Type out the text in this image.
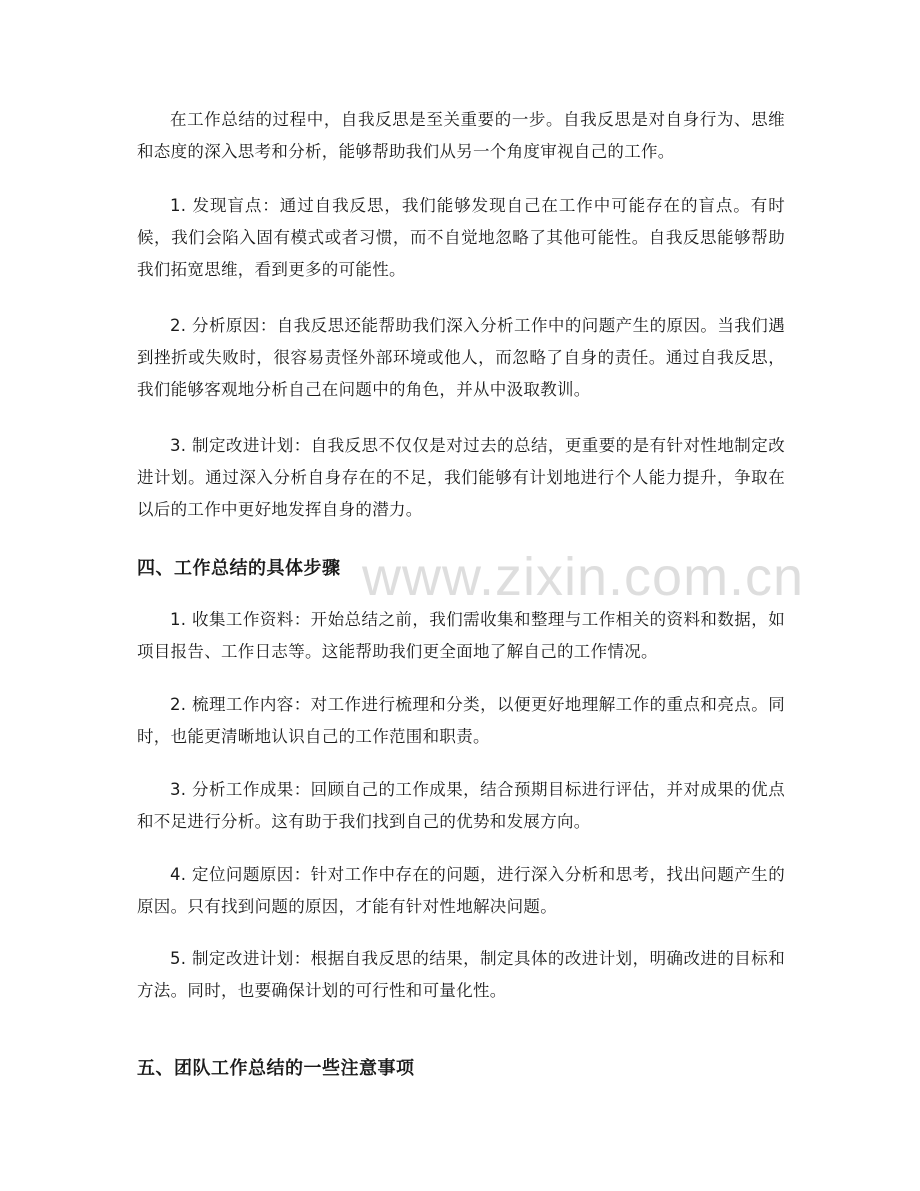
在工作总结的过程中，自我反思是至关重要的一步。自我反思是对自身行为、思维和态度的深入思考和分析，能够帮助我们从另一个角度审视自己的工作。

1. 发现盲点：通过自我反思，我们能够发现自己在工作中可能存在的盲点。有时候，我们会陷入固有模式或者习惯，而不自觉地忽略了其他可能性。自我反思能够帮助我们拓宽思维，看到更多的可能性。

2. 分析原因：自我反思还能帮助我们深入分析工作中的问题产生的原因。当我们遇到挫折或失败时，很容易责怪外部环境或他人，而忽略了自身的责任。通过自我反思，我们能够客观地分析自己在问题中的角色，并从中汲取教训。

3. 制定改进计划：自我反思不仅仅是对过去的总结，更重要的是有针对性地制定改进计划。通过深入分析自身存在的不足，我们能够有计划地进行个人能力提升，争取在以后的工作中更好地发挥自身的潜力。

四、工作总结的具体步骤

1. 收集工作资料：开始总结之前，我们需收集和整理与工作相关的资料和数据，如项目报告、工作日志等。这能帮助我们更全面地了解自己的工作情况。

2. 梳理工作内容：对工作进行梳理和分类，以便更好地理解工作的重点和亮点。同时，也能更清晰地认识自己的工作范围和职责。

3. 分析工作成果：回顾自己的工作成果，结合预期目标进行评估，并对成果的优点和不足进行分析。这有助于我们找到自己的优势和发展方向。

4. 定位问题原因：针对工作中存在的问题，进行深入分析和思考，找出问题产生的原因。只有找到问题的原因，才能有针对性地解决问题。

5. 制定改进计划：根据自我反思的结果，制定具体的改进计划，明确改进的目标和方法。同时，也要确保计划的可行性和可量化性。

五、团队工作总结的一些注意事项
www.zixin.com.cn
